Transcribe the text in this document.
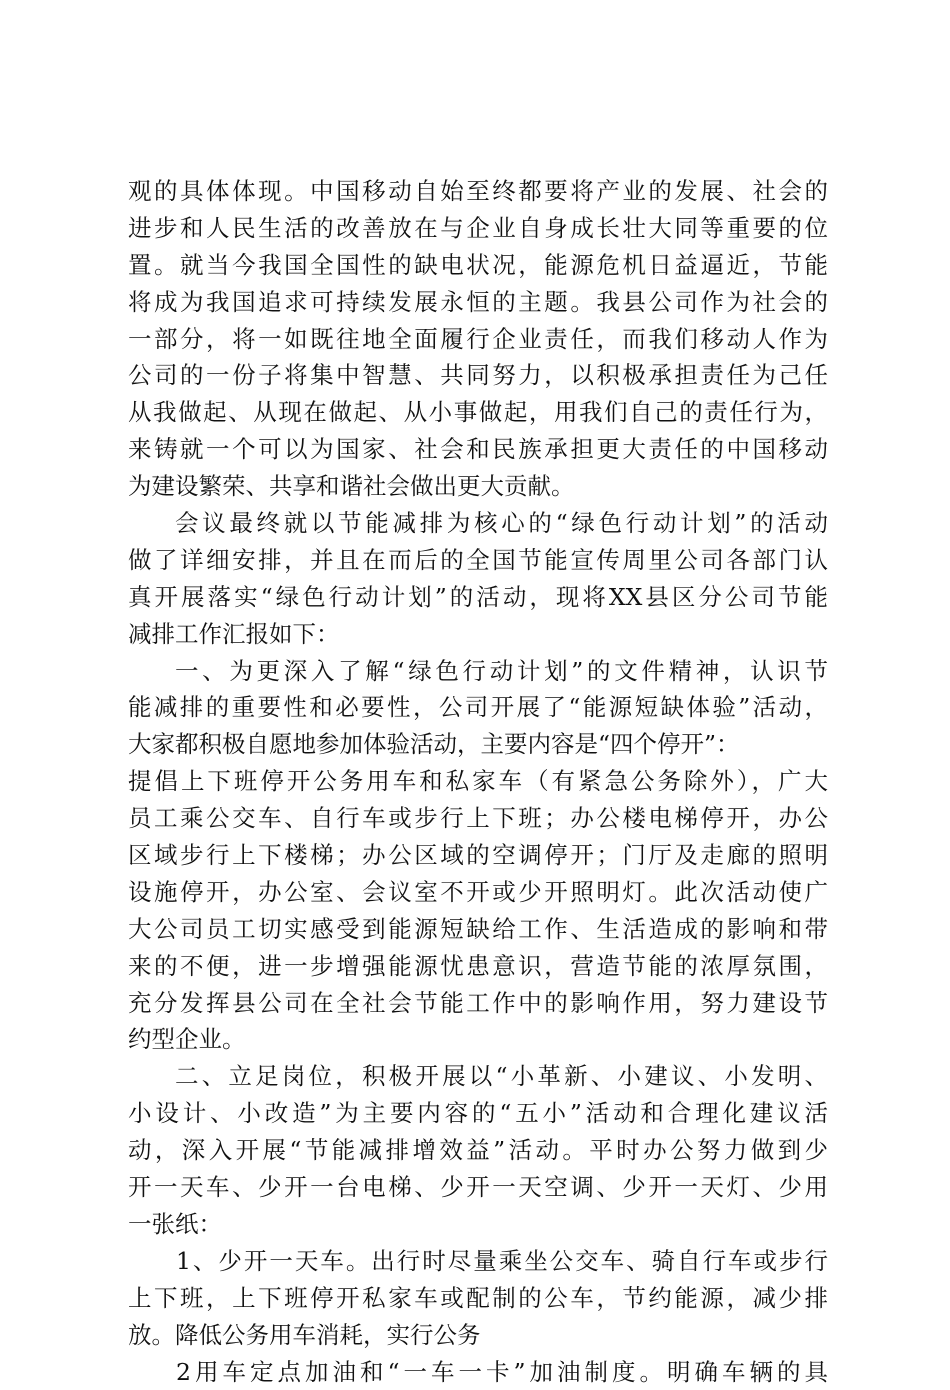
观的具体体现。中国移动自始至终都要将产业的发展、社会的
进步和人民生活的改善放在与企业自身成长壮大同等重要的位
置。就当今我国全国性的缺电状况，能源危机日益逼近，节能
将成为我国追求可持续发展永恒的主题。我县公司作为社会的
一部分，将一如既往地全面履行企业责任，而我们移动人作为
公司的一份子将集中智慧、共同努力，以积极承担责任为己任
从我做起、从现在做起、从小事做起，用我们自己的责任行为，
来铸就一个可以为国家、社会和民族承担更大责任的中国移动
为建设繁荣、共享和谐社会做出更大贡献。
会议最终就以节能减排为核心的“绿色行动计划”的活动
做了详细安排，并且在而后的全国节能宣传周里公司各部门认
真开展落实“绿色行动计划”的活动，现将XX县区分公司节能
减排工作汇报如下：
一、为更深入了解“绿色行动计划”的文件精神，认识节
能减排的重要性和必要性，公司开展了“能源短缺体验”活动，
大家都积极自愿地参加体验活动，主要内容是“四个停开”：
提倡上下班停开公务用车和私家车（有紧急公务除外），广大
员工乘公交车、自行车或步行上下班；办公楼电梯停开，办公
区域步行上下楼梯；办公区域的空调停开；门厅及走廊的照明
设施停开，办公室、会议室不开或少开照明灯。此次活动使广
大公司员工切实感受到能源短缺给工作、生活造成的影响和带
来的不便，进一步增强能源忧患意识，营造节能的浓厚氛围，
充分发挥县公司在全社会节能工作中的影响作用，努力建设节
约型企业。
二、立足岗位，积极开展以“小革新、小建议、小发明、
小设计、小改造”为主要内容的“五小”活动和合理化建议活
动，深入开展“节能减排增效益”活动。平时办公努力做到少
开一天车、少开一台电梯、少开一天空调、少开一天灯、少用
一张纸：
1、少开一天车。出行时尽量乘坐公交车、骑自行车或步行
上下班，上下班停开私家车或配制的公车，节约能源，减少排
放。降低公务用车消耗，实行公务
2用车定点加油和“一车一卡”加油制度。明确车辆的具
